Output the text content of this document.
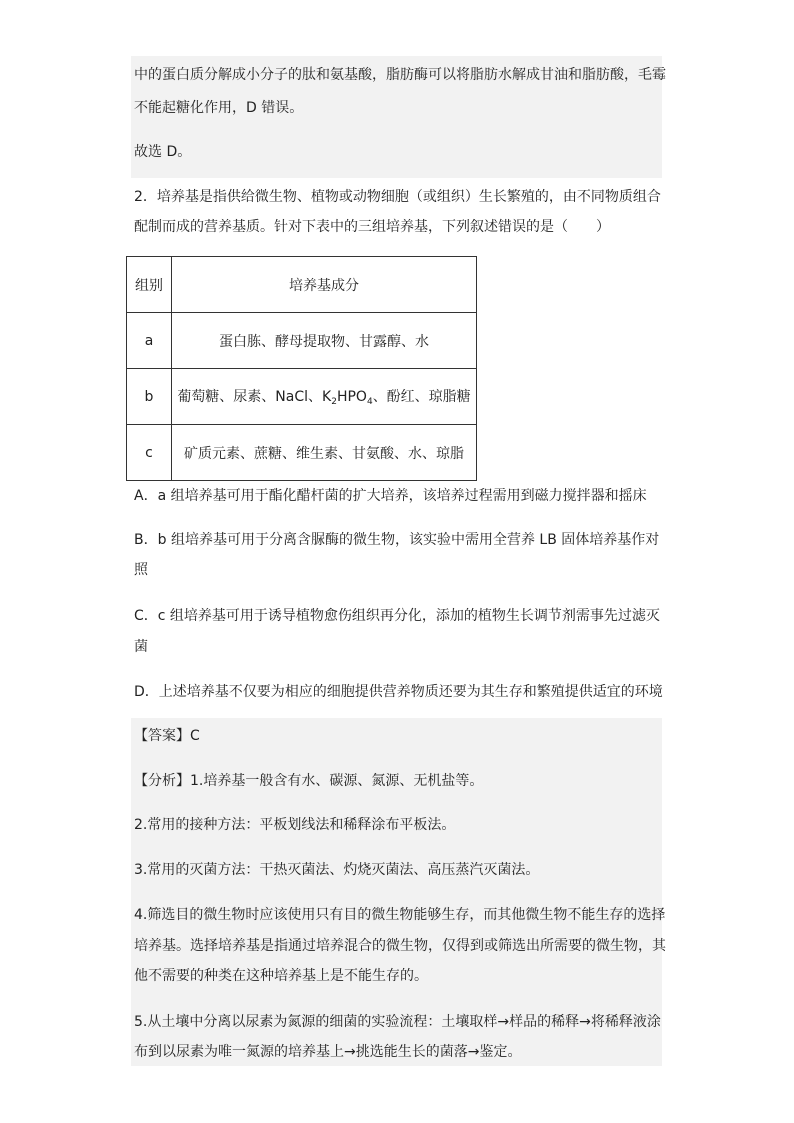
中的蛋白质分解成小分子的肽和氨基酸，脂肪酶可以将脂肪水解成甘油和脂肪酸，毛霉
不能起糖化作用，D 错误。
故选 D。
2．培养基是指供给微生物、植物或动物细胞（或组织）生长繁殖的，由不同物质组合
配制而成的营养基质。针对下表中的三组培养基，下列叙述错误的是（　　）
组别	培养基成分
a	蛋白胨、酵母提取物、甘露醇、水
b	葡萄糖、尿素、NaCl、$K_2HPO_4$、酚红、琼脂糖
c	矿质元素、蔗糖、维生素、甘氨酸、水、琼脂
A．a 组培养基可用于酯化醋杆菌的扩大培养，该培养过程需用到磁力搅拌器和摇床
B．b 组培养基可用于分离含脲酶的微生物，该实验中需用全营养 LB 固体培养基作对
照
C．c 组培养基可用于诱导植物愈伤组织再分化，添加的植物生长调节剂需事先过滤灭
菌
D．上述培养基不仅要为相应的细胞提供营养物质还要为其生存和繁殖提供适宜的环境
【答案】C
【分析】1.培养基一般含有水、碳源、氮源、无机盐等。
2.常用的接种方法：平板划线法和稀释涂布平板法。
3.常用的灭菌方法：干热灭菌法、灼烧灭菌法、高压蒸汽灭菌法。
4.筛选目的微生物时应该使用只有目的微生物能够生存，而其他微生物不能生存的选择
培养基。选择培养基是指通过培养混合的微生物，仅得到或筛选出所需要的微生物，其
他不需要的种类在这种培养基上是不能生存的。
5.从土壤中分离以尿素为氮源的细菌的实验流程：土壤取样→样品的稀释→将稀释液涂
布到以尿素为唯一氮源的培养基上→挑选能生长的菌落→鉴定。
